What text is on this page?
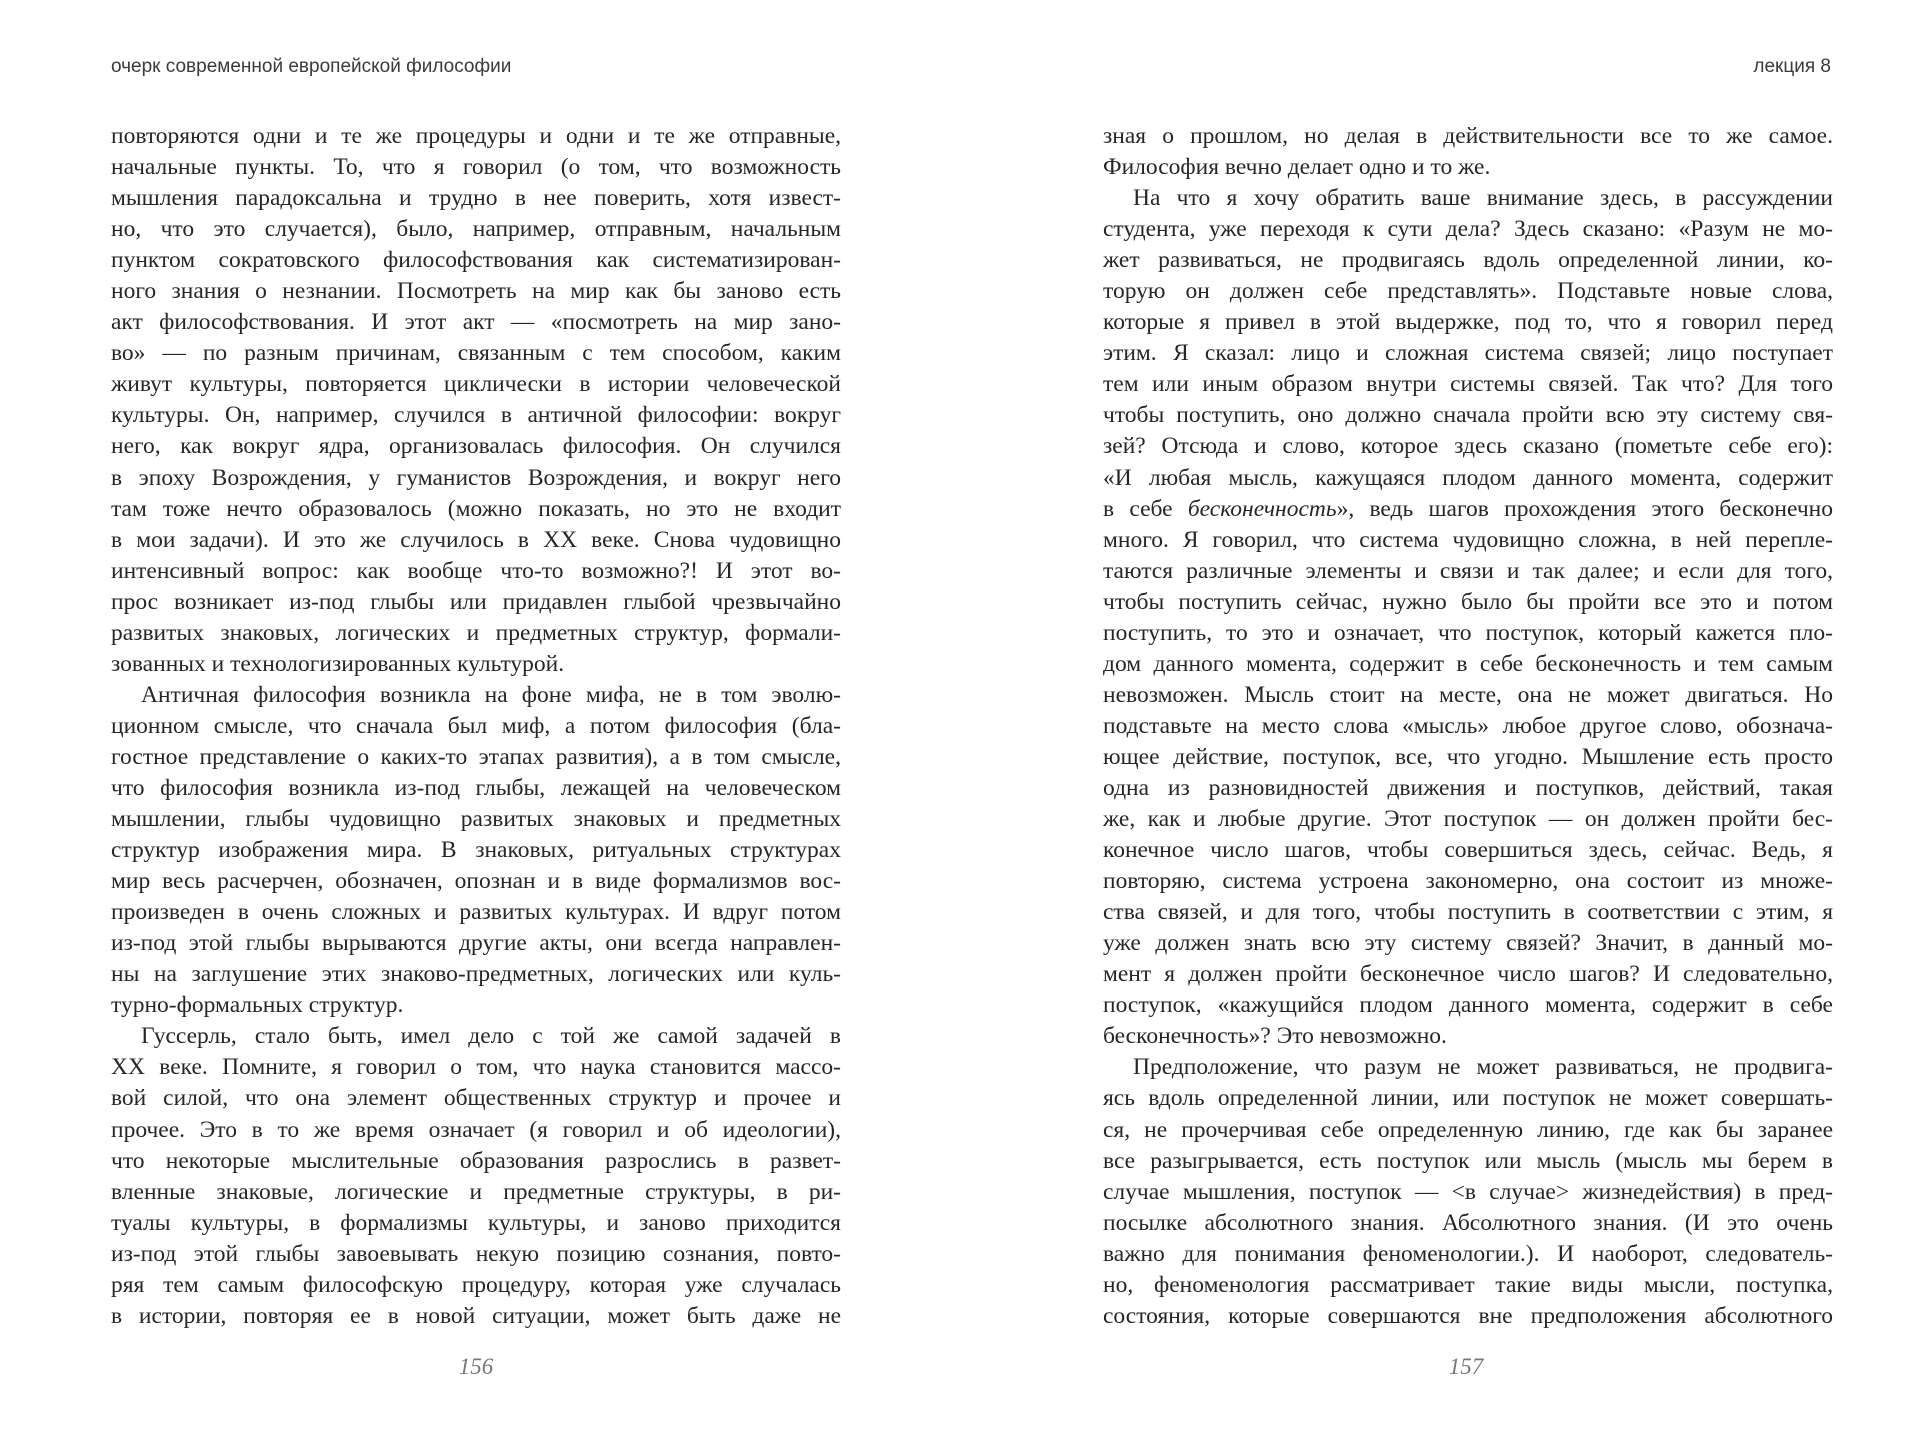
очерк современной европейской философии	лекция 8
повторяются одни и те же процедуры и одни и те же отправные,
начальные пункты. То, что я говорил (о том, что возможность
мышления парадоксальна и трудно в нее поверить, хотя извест-
но, что это случается), было, например, отправным, начальным
пунктом сократовского философствования как систематизирован-
ного знания о незнании. Посмотреть на мир как бы заново есть
акт философствования. И этот акт — «посмотреть на мир зано-
во» — по разным причинам, связанным с тем способом, каким
живут культуры, повторяется циклически в истории человеческой
культуры. Он, например, случился в античной философии: вокруг
него, как вокруг ядра, организовалась философия. Он случился
в эпоху Возрождения, у гуманистов Возрождения, и вокруг него
там тоже нечто образовалось (можно показать, но это не входит
в мои задачи). И это же случилось в XX веке. Снова чудовищно
интенсивный вопрос: как вообще что-то возможно?! И этот во-
прос возникает из-под глыбы или придавлен глыбой чрезвычайно
развитых знаковых, логических и предметных структур, формали-
зованных и технологизированных культурой.
Античная философия возникла на фоне мифа, не в том эволю-
ционном смысле, что сначала был миф, а потом философия (бла-
гостное представление о каких-то этапах развития), а в том смысле,
что философия возникла из-под глыбы, лежащей на человеческом
мышлении, глыбы чудовищно развитых знаковых и предметных
структур изображения мира. В знаковых, ритуальных структурах
мир весь расчерчен, обозначен, опознан и в виде формализмов вос-
произведен в очень сложных и развитых культурах. И вдруг потом
из-под этой глыбы вырываются другие акты, они всегда направлен-
ны на заглушение этих знаково-предметных, логических или куль-
турно-формальных структур.
Гуссерль, стало быть, имел дело с той же самой задачей в
XX веке. Помните, я говорил о том, что наука становится массо-
вой силой, что она элемент общественных структур и прочее и
прочее. Это в то же время означает (я говорил и об идеологии),
что некоторые мыслительные образования разрослись в развет-
вленные знаковые, логические и предметные структуры, в ри-
туалы культуры, в формализмы культуры, и заново приходится
из-под этой глыбы завоевывать некую позицию сознания, повто-
ряя тем самым философскую процедуру, которая уже случалась
в истории, повторяя ее в новой ситуации, может быть даже не
зная о прошлом, но делая в действительности все то же самое.
Философия вечно делает одно и то же.
На что я хочу обратить ваше внимание здесь, в рассуждении
студента, уже переходя к сути дела? Здесь сказано: «Разум не мо-
жет развиваться, не продвигаясь вдоль определенной линии, ко-
торую он должен себе представлять». Подставьте новые слова,
которые я привел в этой выдержке, под то, что я говорил перед
этим. Я сказал: лицо и сложная система связей; лицо поступает
тем или иным образом внутри системы связей. Так что? Для того
чтобы поступить, оно должно сначала пройти всю эту систему свя-
зей? Отсюда и слово, которое здесь сказано (пометьте себе его):
«И любая мысль, кажущаяся плодом данного момента, содержит
в себе бесконечность», ведь шагов прохождения этого бесконечно
много. Я говорил, что система чудовищно сложна, в ней перепле-
таются различные элементы и связи и так далее; и если для того,
чтобы поступить сейчас, нужно было бы пройти все это и потом
поступить, то это и означает, что поступок, который кажется пло-
дом данного момента, содержит в себе бесконечность и тем самым
невозможен. Мысль стоит на месте, она не может двигаться. Но
подставьте на место слова «мысль» любое другое слово, обознача-
ющее действие, поступок, все, что угодно. Мышление есть просто
одна из разновидностей движения и поступков, действий, такая
же, как и любые другие. Этот поступок — он должен пройти бес-
конечное число шагов, чтобы совершиться здесь, сейчас. Ведь, я
повторяю, система устроена закономерно, она состоит из множе-
ства связей, и для того, чтобы поступить в соответствии с этим, я
уже должен знать всю эту систему связей? Значит, в данный мо-
мент я должен пройти бесконечное число шагов? И следовательно,
поступок, «кажущийся плодом данного момента, содержит в себе
бесконечность»? Это невозможно.
Предположение, что разум не может развиваться, не продвига-
ясь вдоль определенной линии, или поступок не может совершать-
ся, не прочерчивая себе определенную линию, где как бы заранее
все разыгрывается, есть поступок или мысль (мысль мы берем в
случае мышления, поступок — <в случае> жизнедействия) в пред-
посылке абсолютного знания. Абсолютного знания. (И это очень
важно для понимания феноменологии.). И наоборот, следователь-
но, феноменология рассматривает такие виды мысли, поступка,
состояния, которые совершаются вне предположения абсолютного
156	157
